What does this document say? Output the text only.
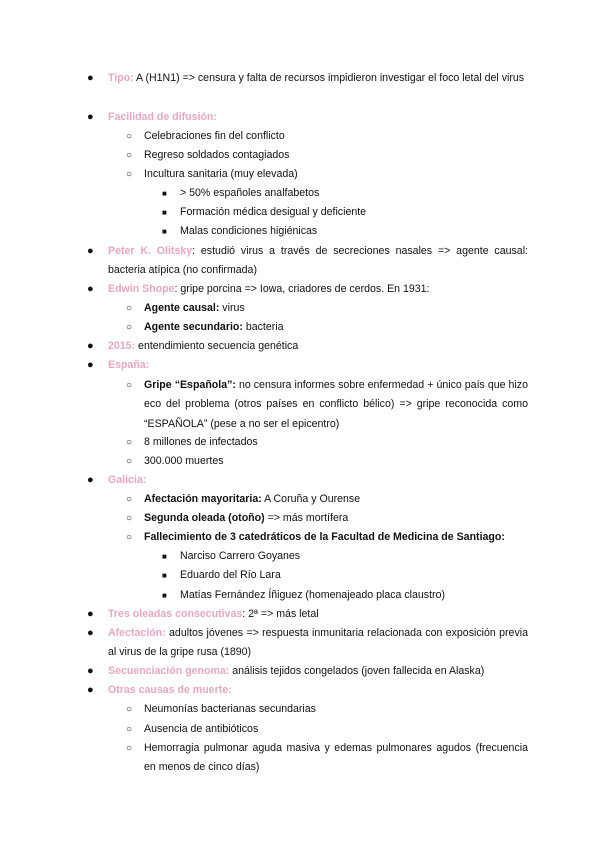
● Tipo: A (H1N1) => censura y falta de recursos impidieron investigar el foco letal del virus
● Facilidad de difusión:
○ Celebraciones fin del conflicto
○ Regreso soldados contagiados
○ Incultura sanitaria (muy elevada)
■ > 50% españoles analfabetos
■ Formación médica desigual y deficiente
■ Malas condiciones higiénicas
● Peter K. Olitsky: estudió virus a través de secreciones nasales => agente causal: bacteria atípica (no confirmada)
● Edwin Shope: gripe porcina => Iowa, criadores de cerdos. En 1931:
○ Agente causal: virus
○ Agente secundario: bacteria
● 2015: entendimiento secuencia genética
● España:
○ Gripe “Española”: no censura informes sobre enfermedad + único país que hizo eco del problema (otros países en conflicto bélico) => gripe reconocida como “ESPAÑOLA” (pese a no ser el epicentro)
○ 8 millones de infectados
○ 300.000 muertes
● Galicia:
○ Afectación mayoritaria: A Coruña y Ourense
○ Segunda oleada (otoño) => más mortífera
○ Fallecimiento de 3 catedráticos de la Facultad de Medicina de Santiago:
■ Narciso Carrero Goyanes
■ Eduardo del Río Lara
■ Matías Fernández Íñiguez (homenajeado placa claustro)
● Tres oleadas consecutivas: 2ª => más letal
● Afectación: adultos jóvenes => respuesta inmunitaria relacionada con exposición previa al virus de la gripe rusa (1890)
● Secuenciación genoma: análisis tejidos congelados (joven fallecida en Alaska)
● Otras causas de muerte:
○ Neumonías bacterianas secundarias
○ Ausencia de antibióticos
○ Hemorragia pulmonar aguda masiva y edemas pulmonares agudos (frecuencia en menos de cinco días)
